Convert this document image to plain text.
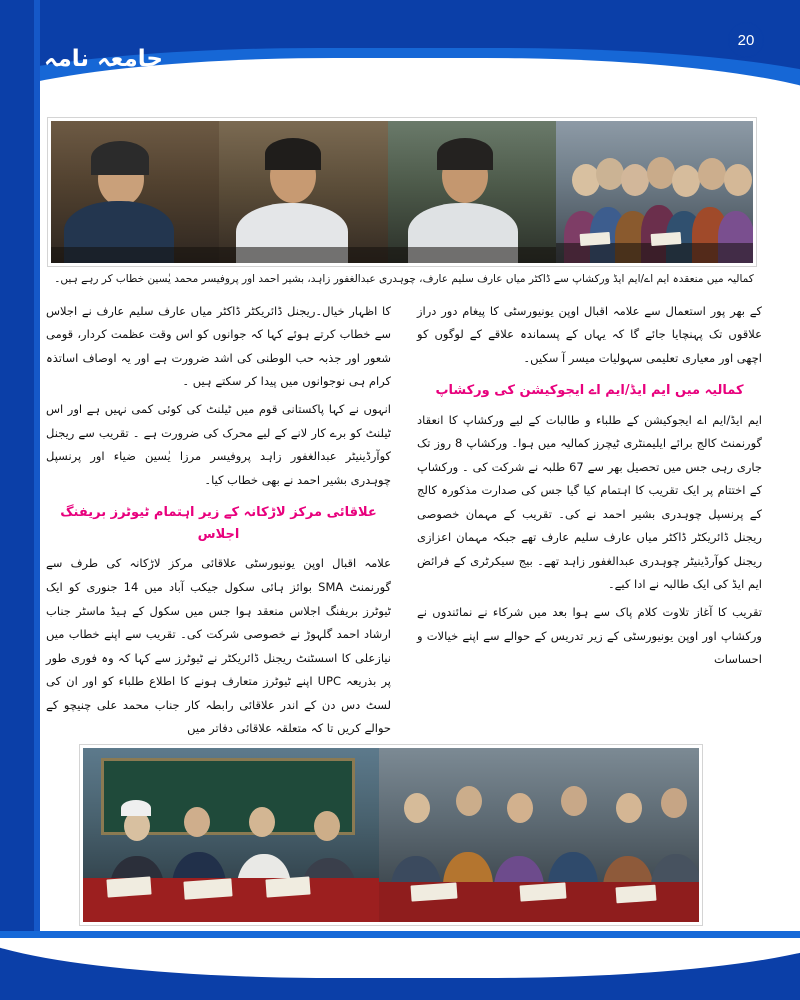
جامعہ نامہ
20
کمالیہ میں منعقدہ ایم اے/ایم ایڈ ورکشاپ سے ڈاکٹر میاں عارف سلیم عارف، چوہدری عبدالغفور زاہد، بشیر احمد اور پروفیسر محمد یٰسین خطاب کر رہے ہیں۔

کا اظہار خیال۔ریجنل ڈائریکٹر ڈاکٹر میاں عارف سلیم عارف نے اجلاس سے خطاب کرتے ہوئے کہا کہ جوانوں کو اس وقت عظمت کردار، قومی شعور اور جذبہ حب الوطنی کی اشد ضرورت ہے اور یہ اوصاف اساتذہ کرام ہی نوجوانوں میں پیدا کر سکتے ہیں ۔

انہوں نے کہا پاکستانی قوم میں ٹیلنٹ کی کوئی کمی نہیں ہے اور اس ٹیلنٹ کو برے کار لانے کے لیے محرک کی ضرورت ہے ۔ تقریب سے ریجنل کوآرڈینیٹر عبدالغفور زاہد پروفیسر مرزا یٰسین ضیاء اور پرنسپل چوہدری بشیر احمد نے بھی خطاب کیا۔

علاقائی مرکز لاڑکانہ کے زیر اہتمام ٹیوٹرز بریفنگ اجلاس

علامہ اقبال اوپن یونیورسٹی علاقائی مرکز لاڑکانہ کی طرف سے گورنمنٹ SMA بوائز ہائی سکول جیکب آباد میں 14 جنوری کو ایک ٹیوٹرز بریفنگ اجلاس منعقد ہوا جس میں سکول کے ہیڈ ماسٹر جناب ارشاد احمد گلہوڑ نے خصوصی شرکت کی۔ تقریب سے اپنے خطاب میں نیازعلی کا اسسٹنٹ ریجنل ڈائریکٹر نے ٹیوٹرز سے کہا کہ وہ فوری طور پر بذریعہ UPC اپنے ٹیوٹرز متعارف ہونے کا اطلاع طلباء کو اور ان کی لسٹ دس دن کے اندر علاقائی رابطہ کار جناب محمد علی چنیچو کے حوالے کریں تا کہ متعلقہ علاقائی دفاتر میں

کے بھر پور استعمال سے علامہ اقبال اوپن یونیورسٹی کا پیغام دور دراز علاقوں تک پہنچایا جائے گا کہ یہاں کے پسماندہ علاقے کے لوگوں کو اچھی اور معیاری تعلیمی سہولیات میسر آ سکیں۔

کمالیہ میں ایم ایڈ/ایم اے ایجوکیشن کی ورکشاپ

ایم ایڈ/ایم اے ایجوکیشن کے طلباء و طالبات کے لیے ورکشاپ کا انعقاد گورنمنٹ کالج برائے ایلیمنٹری ٹیچرز کمالیہ میں ہوا۔ ورکشاپ 8 روز تک جاری رہی جس میں تحصیل بھر سے 67 طلبہ نے شرکت کی ۔ ورکشاپ کے اختتام پر ایک تقریب کا اہتمام کیا گیا جس کی صدارت مذکورہ کالج کے پرنسپل چوہدری بشیر احمد نے کی۔ تقریب کے مہمان خصوصی ریجنل ڈائریکٹر ڈاکٹر میاں عارف سلیم عارف تھے جبکہ مہمان اعزازی ریجنل کوآرڈینیٹر چوہدری عبدالغفور زاہد تھے۔ بیج سیکرٹری کے فرائض ایم ایڈ کی ایک طالبہ نے ادا کیے۔

تقریب کا آغاز تلاوت کلام پاک سے ہوا بعد میں شرکاء نے نمائندوں نے ورکشاپ اور اوپن یونیورسٹی کے زیر تدریس کے حوالے سے اپنے خیالات و احساسات
